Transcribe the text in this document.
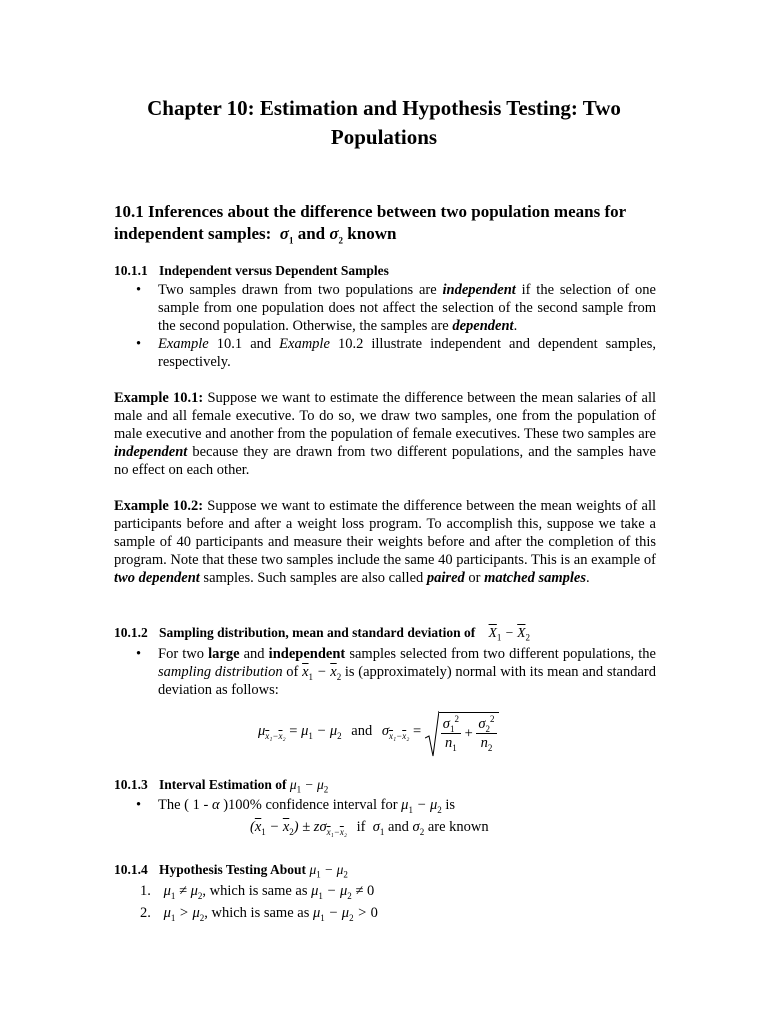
Chapter 10: Estimation and Hypothesis Testing: Two Populations
10.1 Inferences about the difference between two population means for independent samples:  $\sigma_1$ and $\sigma_2$ known
10.1.1 Independent versus Dependent Samples
• Two samples drawn from two populations are independent if the selection of one sample from one population does not affect the selection of the second sample from the second population. Otherwise, the samples are dependent.
• Example 10.1 and Example 10.2 illustrate independent and dependent samples, respectively.
Example 10.1: Suppose we want to estimate the difference between the mean salaries of all male and all female executive. To do so, we draw two samples, one from the population of male executive and another from the population of female executives. These two samples are independent because they are drawn from two different populations, and the samples have no effect on each other.
Example 10.2: Suppose we want to estimate the difference between the mean weights of all participants before and after a weight loss program. To accomplish this, suppose we take a sample of 40 participants and measure their weights before and after the completion of this program. Note that these two samples include the same 40 participants. This is an example of two dependent samples. Such samples are also called paired or matched samples.
10.1.2 Sampling distribution, mean and standard deviation of $\overline{X}_1 - \overline{X}_2$
• For two large and independent samples selected from two different populations, the sampling distribution of $\overline{x}_1 - \overline{x}_2$ is (approximately) normal with its mean and standard deviation as follows:
$\mu_{\overline{x}_1-\overline{x}_2} = \mu_1 - \mu_2$ and $\sigma_{\overline{x}_1-\overline{x}_2} = \frac{\sigma_1^2}{n_1} + \frac{\sigma_2^2}{n_2}$
10.1.3 Interval Estimation of $\mu_1 - \mu_2$
• The ( 1 - α )100% confidence interval for $\mu_1 - \mu_2$ is
$(\overline{x}_1 - \overline{x}_2) \pm z\sigma_{\overline{x}_1-\overline{x}_2}$ if  $\sigma_1$ and $\sigma_2$ are known
10.1.4 Hypothesis Testing About $\mu_1 - \mu_2$
1. $\mu_1 \ne \mu_2$, which is same as $\mu_1 - \mu_2 \ne 0$
2. $\mu_1 > \mu_2$, which is same as $\mu_1 - \mu_2 > 0$
